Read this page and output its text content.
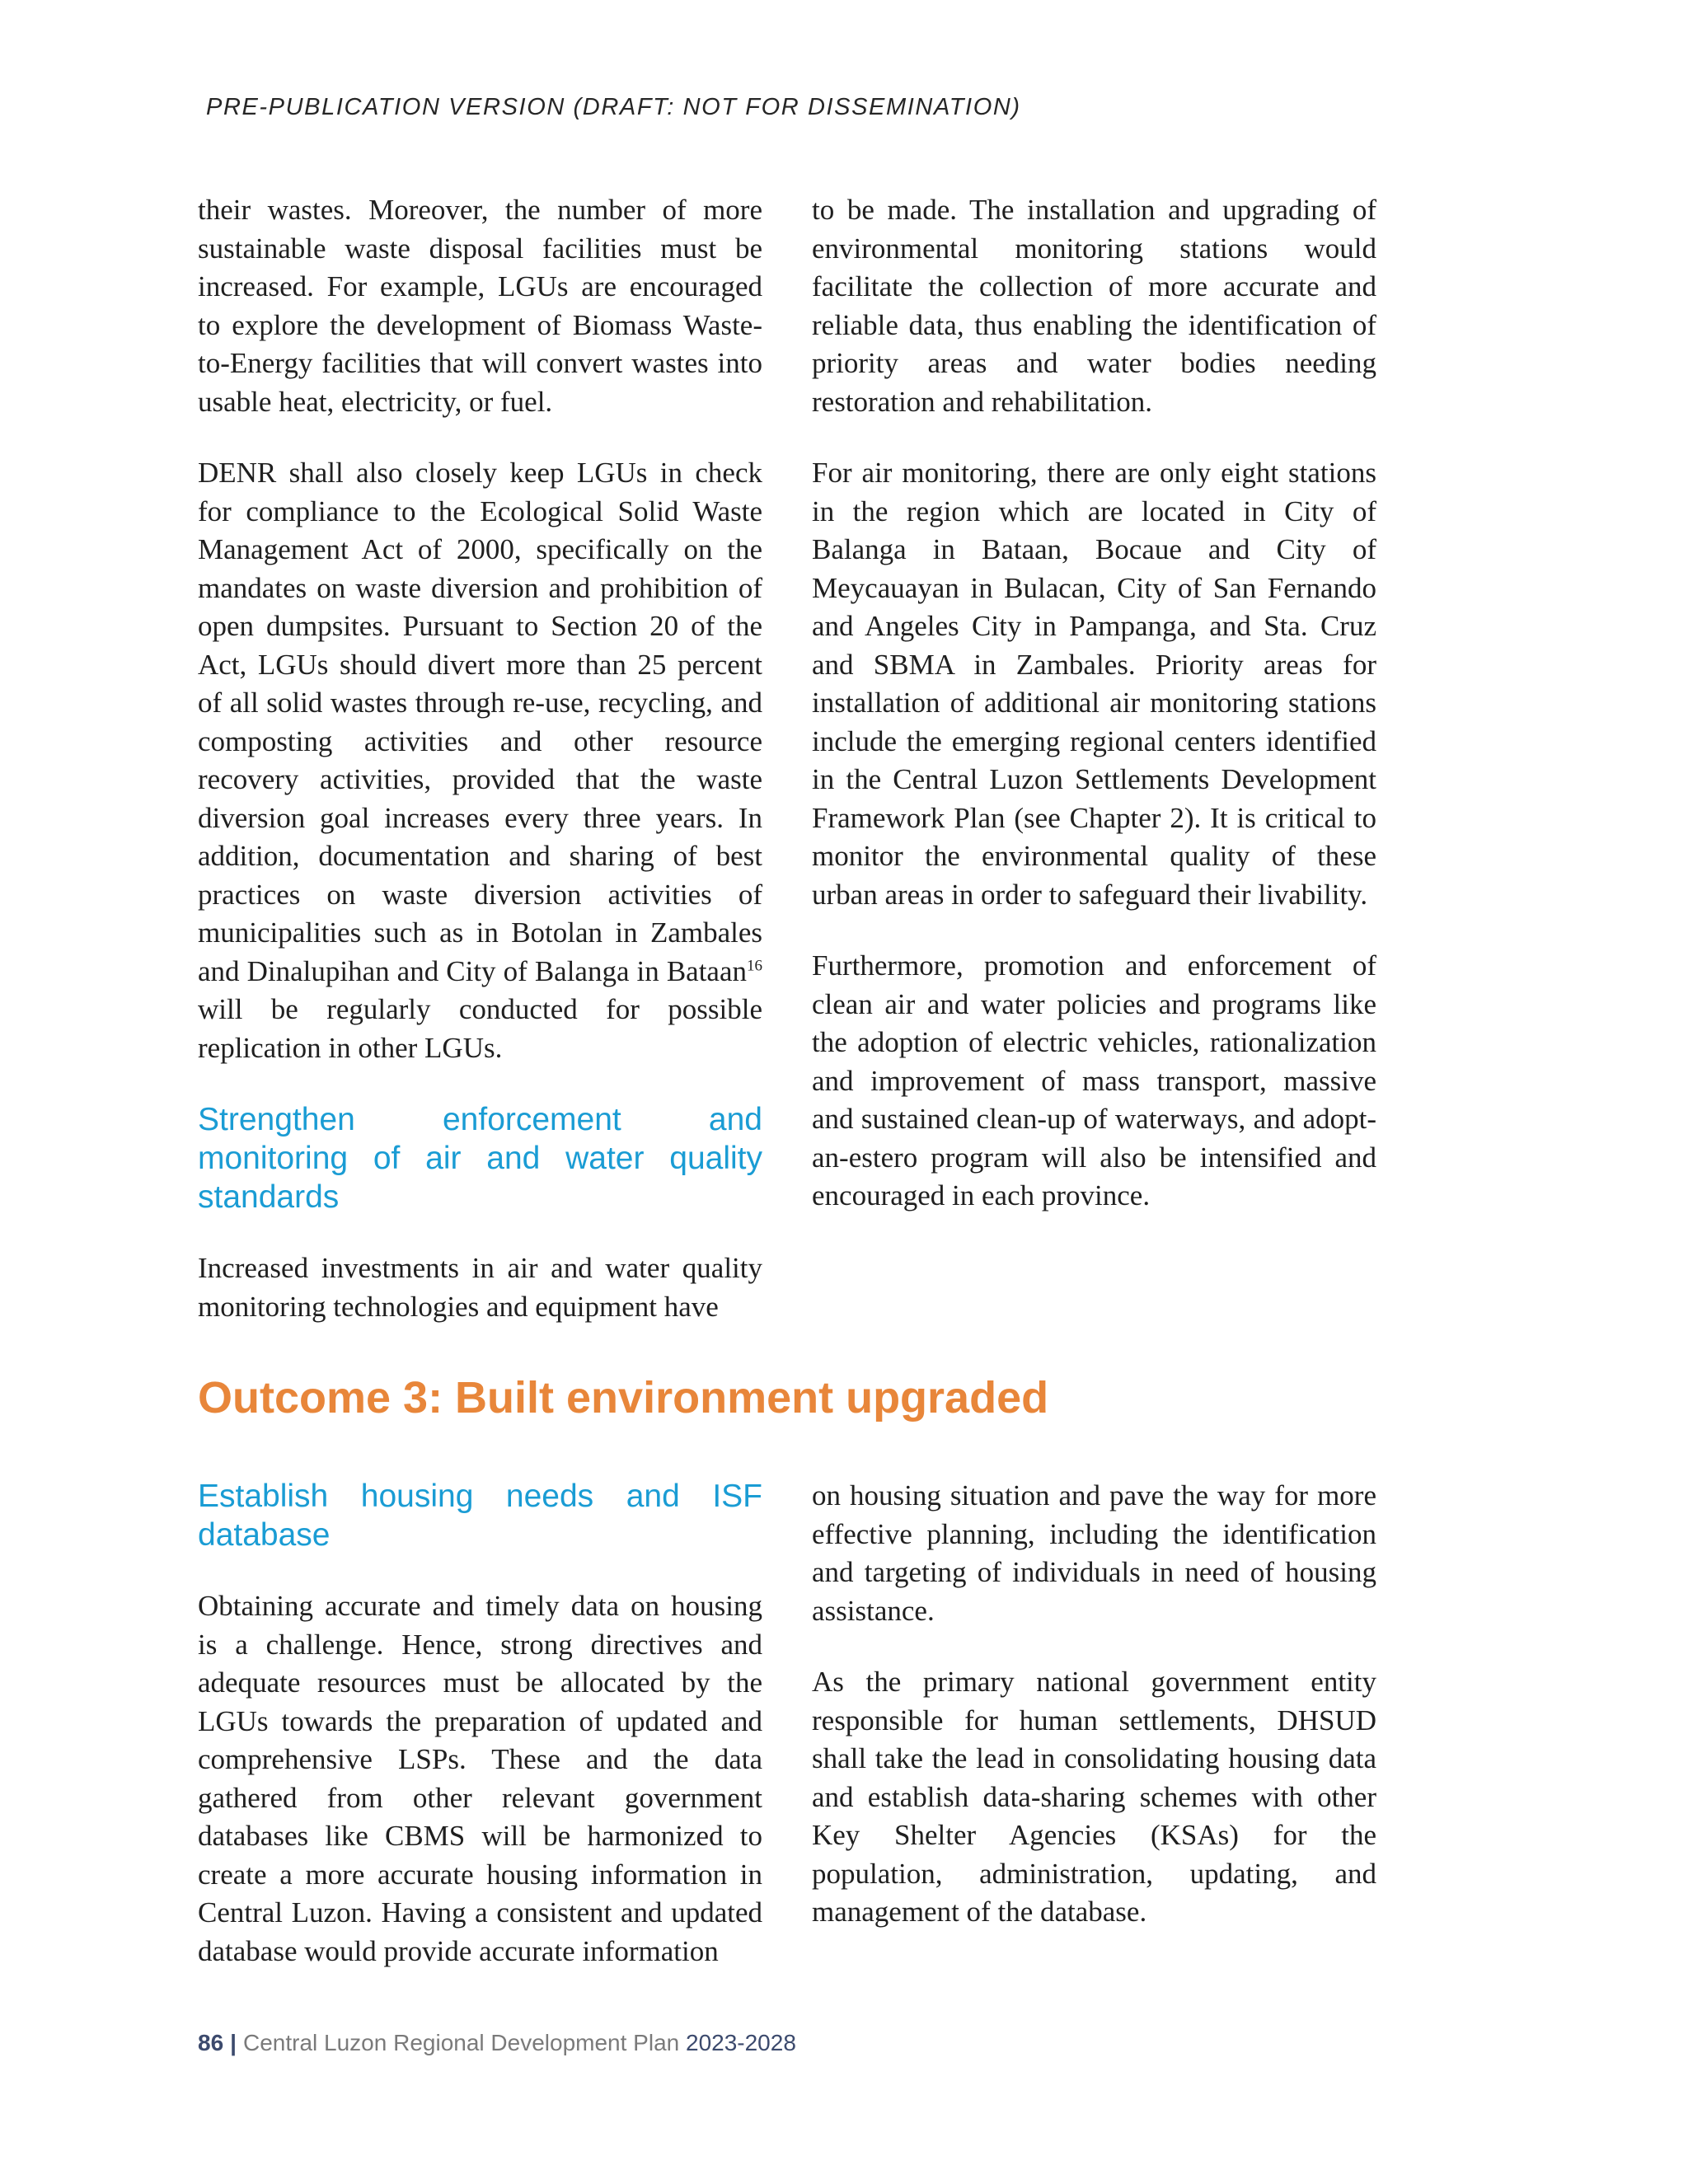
PRE-PUBLICATION VERSION (DRAFT: NOT FOR DISSEMINATION)

their wastes. Moreover, the number of more sustainable waste disposal facilities must be increased. For example, LGUs are encouraged to explore the development of Biomass Waste-to-Energy facilities that will convert wastes into usable heat, electricity, or fuel.

DENR shall also closely keep LGUs in check for compliance to the Ecological Solid Waste Management Act of 2000, specifically on the mandates on waste diversion and prohibition of open dumpsites. Pursuant to Section 20 of the Act, LGUs should divert more than 25 percent of all solid wastes through re-use, recycling, and composting activities and other resource recovery activities, provided that the waste diversion goal increases every three years. In addition, documentation and sharing of best practices on waste diversion activities of municipalities such as in Botolan in Zambales and Dinalupihan and City of Balanga in Bataan$^{16}$ will be regularly conducted for possible replication in other LGUs.

Strengthen enforcement and monitoring of air and water quality standards

Increased investments in air and water quality monitoring technologies and equipment have

to be made. The installation and upgrading of environmental monitoring stations would facilitate the collection of more accurate and reliable data, thus enabling the identification of priority areas and water bodies needing restoration and rehabilitation.

For air monitoring, there are only eight stations in the region which are located in City of Balanga in Bataan, Bocaue and City of Meycauayan in Bulacan, City of San Fernando and Angeles City in Pampanga, and Sta. Cruz and SBMA in Zambales. Priority areas for installation of additional air monitoring stations include the emerging regional centers identified in the Central Luzon Settlements Development Framework Plan (see Chapter 2). It is critical to monitor the environmental quality of these urban areas in order to safeguard their livability.

Furthermore, promotion and enforcement of clean air and water policies and programs like the adoption of electric vehicles, rationalization and improvement of mass transport, massive and sustained clean-up of waterways, and adopt-an-estero program will also be intensified and encouraged in each province.

Outcome 3: Built environment upgraded
Establish housing needs and ISF database

Obtaining accurate and timely data on housing is a challenge. Hence, strong directives and adequate resources must be allocated by the LGUs towards the preparation of updated and comprehensive LSPs. These and the data gathered from other relevant government databases like CBMS will be harmonized to create a more accurate housing information in Central Luzon. Having a consistent and updated database would provide accurate information

on housing situation and pave the way for more effective planning, including the identification and targeting of individuals in need of housing assistance.

As the primary national government entity responsible for human settlements, DHSUD shall take the lead in consolidating housing data and establish data-sharing schemes with other Key Shelter Agencies (KSAs) for the population, administration, updating, and management of the database.

86 | Central Luzon Regional Development Plan 2023-2028
